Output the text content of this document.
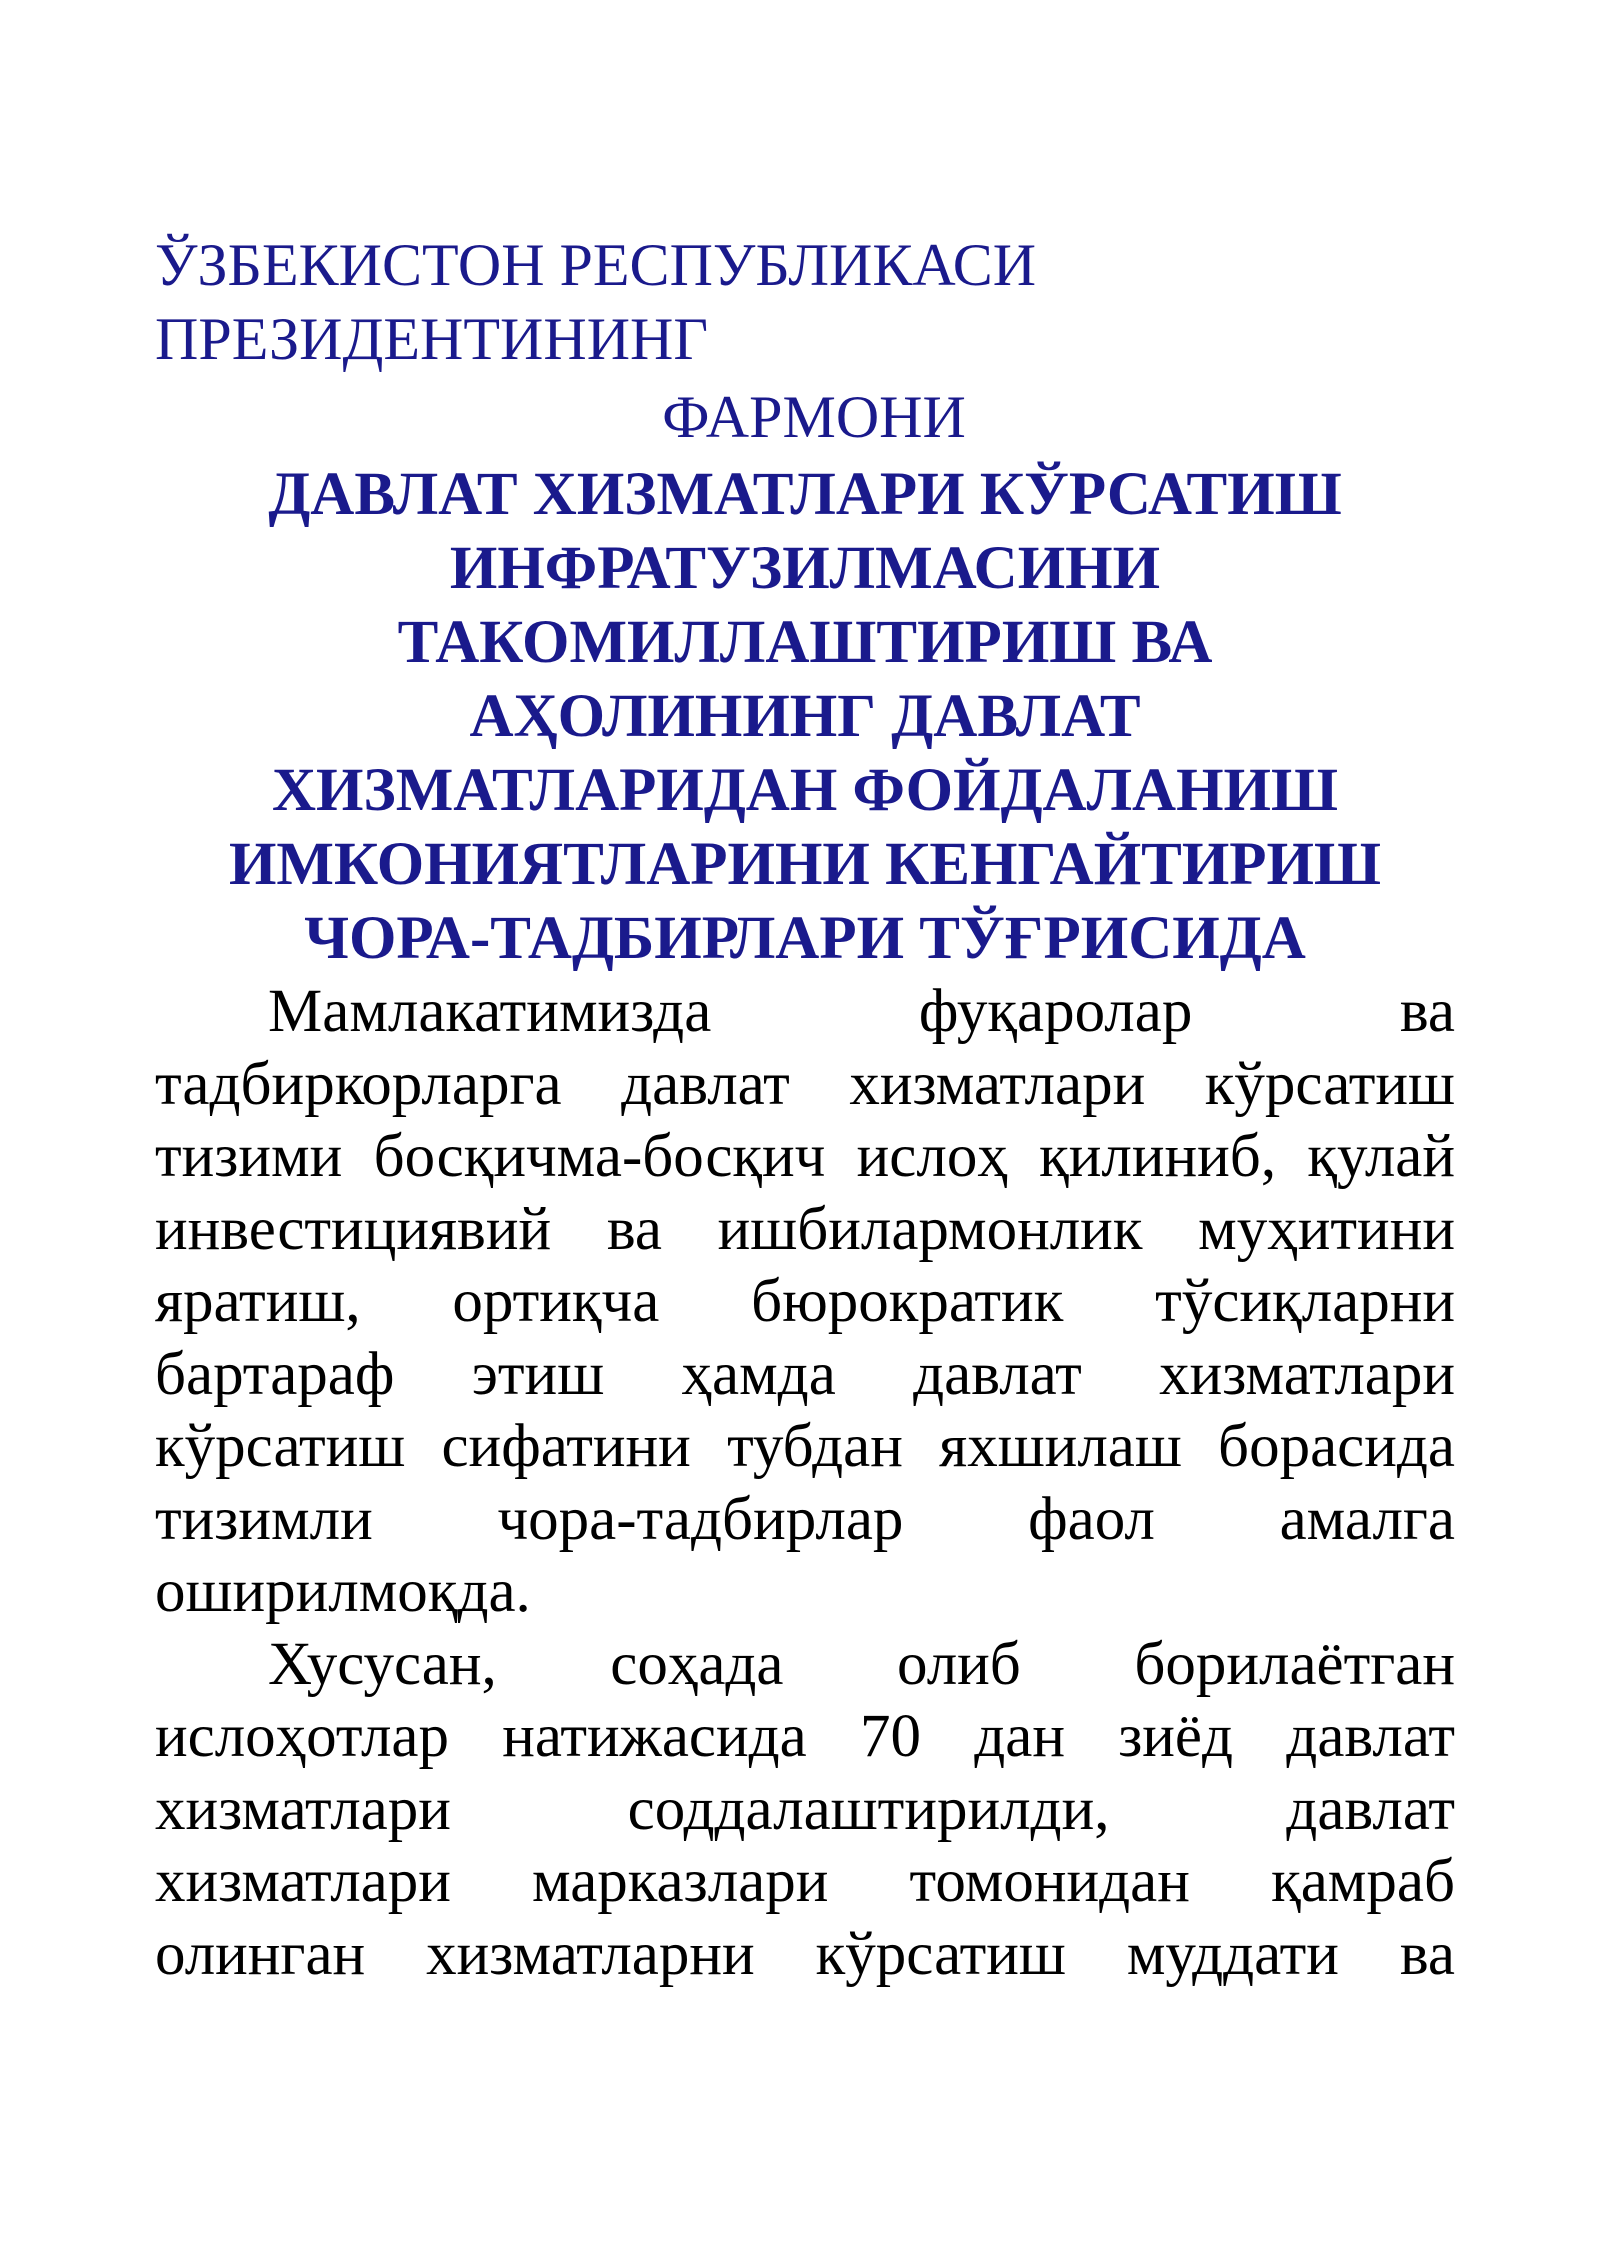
ЎЗБЕКИСТОН РЕСПУБЛИКАСИ

ПРЕЗИДЕНТИНИНГ

ФАРМОНИ

ДАВЛАТ ХИЗМАТЛАРИ КЎРСАТИШ
ИНФРАТУЗИЛМАСИНИ
ТАКОМИЛЛАШТИРИШ ВА
АҲОЛИНИНГ ДАВЛАТ
ХИЗМАТЛАРИДАН ФОЙДАЛАНИШ
ИМКОНИЯТЛАРИНИ КЕНГАЙТИРИШ
ЧОРА-ТАДБИРЛАРИ ТЎҒРИСИДА
Мамлакатимизда фуқаролар ва
тадбиркорларга давлат хизматлари кўрсатиш
тизими босқичма-босқич ислоҳ қилиниб, қулай
инвестициявий ва ишбилармонлик муҳитини
яратиш, ортиқча бюрократик тўсиқларни
бартараф этиш ҳамда давлат хизматлари
кўрсатиш сифатини тубдан яхшилаш борасида
тизимли чора-тадбирлар фаол амалга
оширилмоқда.
Хусусан, соҳада олиб борилаётган
ислоҳотлар натижасида 70 дан зиёд давлат
хизматлари соддалаштирилди, давлат
хизматлари марказлари томонидан қамраб
олинган хизматларни кўрсатиш муддати ва
